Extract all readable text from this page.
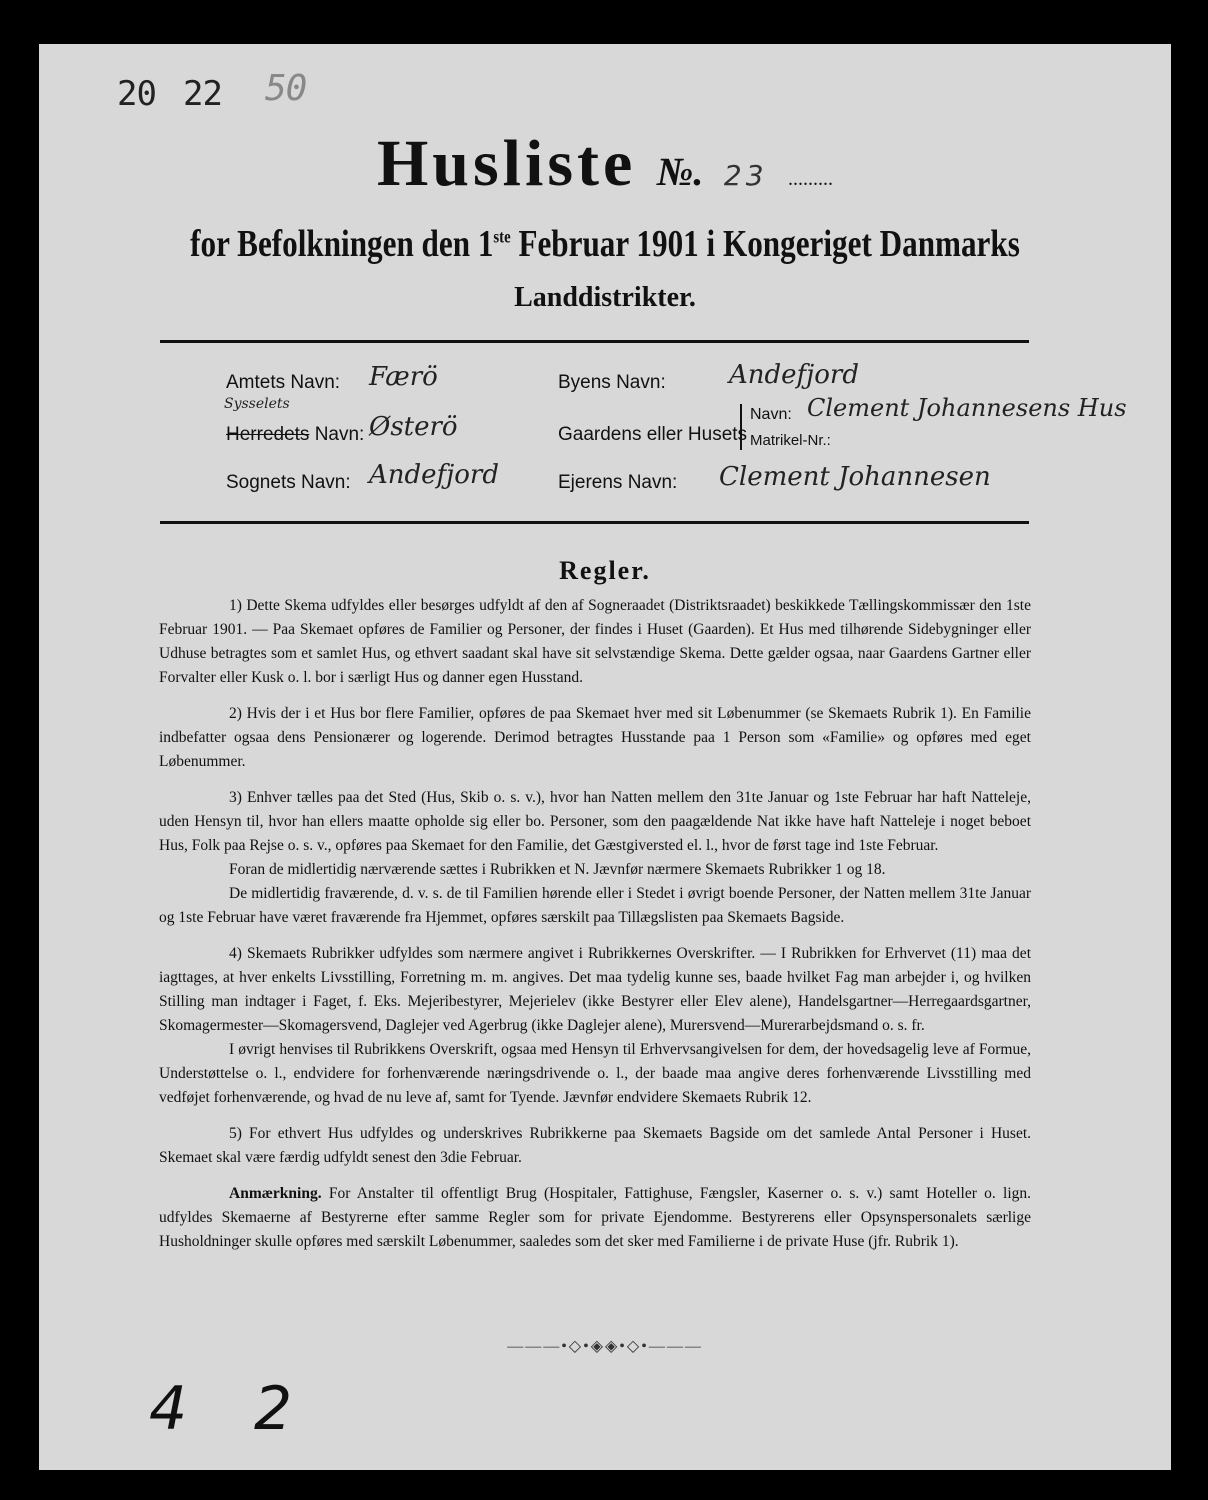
20 22 50
Husliste №. 23 .........
for Befolkningen den 1ste Februar 1901 i Kongeriget Danmarks
Landdistrikter.
Amtets Navn: Færö
Sysselets
Herredets Navn: Østerö
Sognets Navn: Andefjord
Byens Navn: Andefjord
Gaardens eller Husets
Navn: Clement Johannesens Hus
Matrikel-Nr.:
Ejerens Navn: Clement Johannesen
Regler.

1) Dette Skema udfyldes eller besørges udfyldt af den af Sogneraadet (Distriktsraadet) beskikkede Tællingskommissær den 1ste Februar 1901. — Paa Skemaet opføres de Familier og Personer, der findes i Huset (Gaarden). Et Hus med tilhørende Sidebygninger eller Udhuse betragtes som et samlet Hus, og ethvert saadant skal have sit selvstændige Skema. Dette gælder ogsaa, naar Gaardens Gartner eller Forvalter eller Kusk o. l. bor i særligt Hus og danner egen Husstand.

2) Hvis der i et Hus bor flere Familier, opføres de paa Skemaet hver med sit Løbenummer (se Skemaets Rubrik 1). En Familie indbefatter ogsaa dens Pensionærer og logerende. Derimod betragtes Husstande paa 1 Person som «Familie» og opføres med eget Løbenummer.

3) Enhver tælles paa det Sted (Hus, Skib o. s. v.), hvor han Natten mellem den 31te Januar og 1ste Februar har haft Natteleje, uden Hensyn til, hvor han ellers maatte opholde sig eller bo. Personer, som den paagældende Nat ikke have haft Natteleje i noget beboet Hus, Folk paa Rejse o. s. v., opføres paa Skemaet for den Familie, det Gæstgiversted el. l., hvor de først tage ind 1ste Februar.

Foran de midlertidig nærværende sættes i Rubrikken et N. Jævnfør nærmere Skemaets Rubrikker 1 og 18.

De midlertidig fraværende, d. v. s. de til Familien hørende eller i Stedet i øvrigt boende Personer, der Natten mellem 31te Januar og 1ste Februar have været fraværende fra Hjemmet, opføres særskilt paa Tillægslisten paa Skemaets Bagside.

4) Skemaets Rubrikker udfyldes som nærmere angivet i Rubrikkernes Overskrifter. — I Rubrikken for Erhvervet (11) maa det iagttages, at hver enkelts Livsstilling, Forretning m. m. angives. Det maa tydelig kunne ses, baade hvilket Fag man arbejder i, og hvilken Stilling man indtager i Faget, f. Eks. Mejeribestyrer, Mejerielev (ikke Bestyrer eller Elev alene), Handelsgartner—Herregaardsgartner, Skomagermester—Skomagersvend, Daglejer ved Agerbrug (ikke Daglejer alene), Murersvend—Murerarbejdsmand o. s. fr.

I øvrigt henvises til Rubrikkens Overskrift, ogsaa med Hensyn til Erhvervsangivelsen for dem, der hovedsagelig leve af Formue, Understøttelse o. l., endvidere for forhenværende næringsdrivende o. l., der baade maa angive deres forhenværende Livsstilling med vedføjet forhenværende, og hvad de nu leve af, samt for Tyende. Jævnfør endvidere Skemaets Rubrik 12.

5) For ethvert Hus udfyldes og underskrives Rubrikkerne paa Skemaets Bagside om det samlede Antal Personer i Huset. Skemaet skal være færdig udfyldt senest den 3die Februar.

Anmærkning. For Anstalter til offentligt Brug (Hospitaler, Fattighuse, Fængsler, Kaserner o. s. v.) samt Hoteller o. lign. udfyldes Skemaerne af Bestyrerne efter samme Regler som for private Ejendomme. Bestyrerens eller Opsynspersonalets særlige Husholdninger skulle opføres med særskilt Løbenummer, saaledes som det sker med Familierne i de private Huse (jfr. Rubrik 1).

———•◇•◈◈•◇•———
4 2
